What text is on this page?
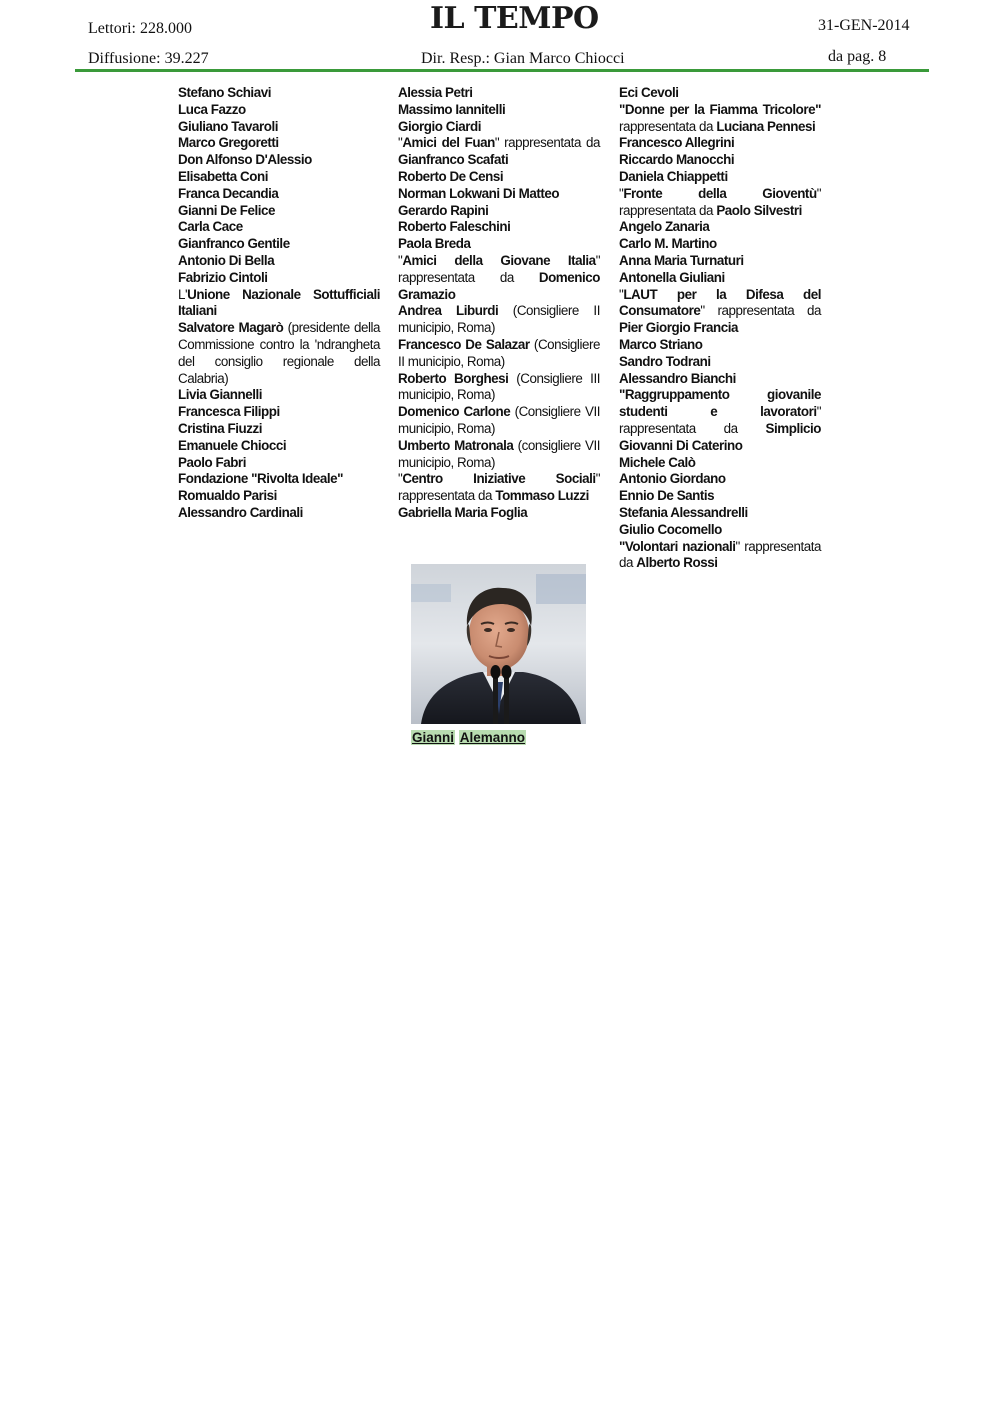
Lettori: 228.000
Diffusione: 39.227
IL TEMPO
Dir. Resp.: Gian Marco Chiocci
31-GEN-2014
da pag. 8

Stefano Schiavi

Luca Fazzo

Giuliano Tavaroli

Marco Gregoretti

Don Alfonso D'Alessio

Elisabetta Coni

Franca Decandia

Gianni De Felice

Carla Cace

Gianfranco Gentile

Antonio Di Bella

Fabrizio Cintoli

L'Unione Nazionale Sottufficiali Italiani

Salvatore Magarò (presidente della Commissione contro la 'ndrangheta del consiglio regionale della Calabria)

Livia Giannelli

Francesca Filippi

Cristina Fiuzzi

Emanuele Chiocci

Paolo Fabri

Fondazione "Rivolta Ideale"

Romualdo Parisi

Alessandro Cardinali

Alessia Petri

Massimo Iannitelli

Giorgio Ciardi

"Amici del Fuan" rappresentata da Gianfranco Scafati

Roberto De Censi

Norman Lokwani Di Matteo

Gerardo Rapini

Roberto Faleschini

Paola Breda

"Amici della Giovane Italia" rappresentata da Domenico Gramazio

Andrea Liburdi (Consigliere II municipio, Roma)

Francesco De Salazar (Consigliere II municipio, Roma)

Roberto Borghesi (Consigliere III municipio, Roma)

Domenico Carlone (Consigliere VII municipio, Roma)

Umberto Matronala (consigliere VII municipio, Roma)

"Centro Iniziative Sociali" rappresentata da Tommaso Luzzi

Gabriella Maria Foglia

Eci Cevoli

"Donne per la Fiamma Tricolore" rappresentata da Luciana Pennesi

Francesco Allegrini

Riccardo Manocchi

Daniela Chiappetti

"Fronte della Gioventù" rappresentata da Paolo Silvestri

Angelo Zanaria

Carlo M. Martino

Anna Maria Turnaturi

Antonella Giuliani

"LAUT per la Difesa del Consumatore" rappresentata da Pier Giorgio Francia

Marco Striano

Sandro Todrani

Alessandro Bianchi

"Raggruppamento giovanile studenti e lavoratori" rappresentata da Simplicio Giovanni Di Caterino

Michele Calò

Antonio Giordano

Ennio De Santis

Stefania Alessandrelli

Giulio Cocomello

"Volontari nazionali" rappresentata da Alberto Rossi

Gianni Alemanno
